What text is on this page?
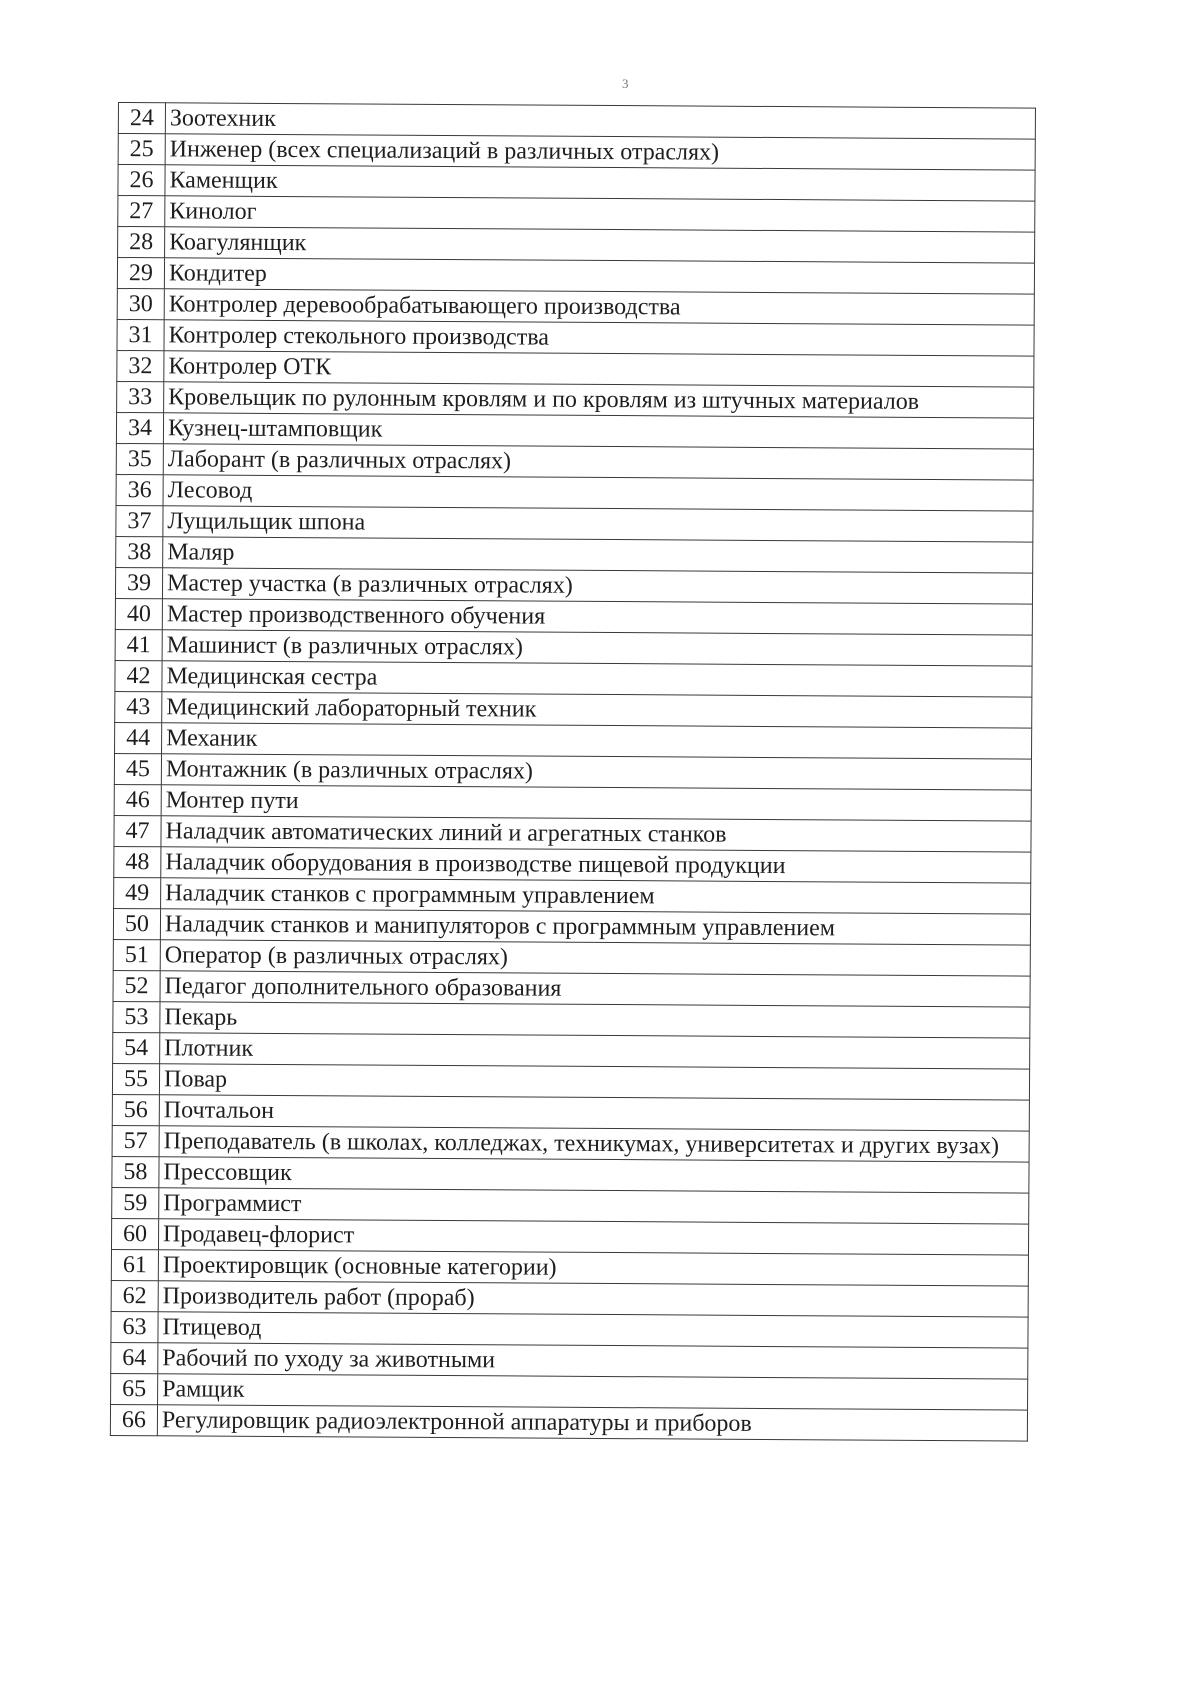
3
24	Зоотехник
25	Инженер (всех специализаций в различных отраслях)
26	Каменщик
27	Кинолог
28	Коагулянщик
29	Кондитер
30	Контролер деревообрабатывающего производства
31	Контролер стекольного производства
32	Контролер ОТК
33	Кровельщик по рулонным кровлям и по кровлям из штучных материалов
34	Кузнец-штамповщик
35	Лаборант (в различных отраслях)
36	Лесовод
37	Лущильщик шпона
38	Маляр
39	Мастер участка (в различных отраслях)
40	Мастер производственного обучения
41	Машинист (в различных отраслях)
42	Медицинская сестра
43	Медицинский лабораторный техник
44	Механик
45	Монтажник (в различных отраслях)
46	Монтер пути
47	Наладчик автоматических линий и агрегатных станков
48	Наладчик оборудования в производстве пищевой продукции
49	Наладчик станков с программным управлением
50	Наладчик станков и манипуляторов с программным управлением
51	Оператор (в различных отраслях)
52	Педагог дополнительного образования
53	Пекарь
54	Плотник
55	Повар
56	Почтальон
57	Преподаватель (в школах, колледжах, техникумах, университетах и других вузах)
58	Прессовщик
59	Программист
60	Продавец-флорист
61	Проектировщик (основные категории)
62	Производитель работ (прораб)
63	Птицевод
64	Рабочий по уходу за животными
65	Рамщик
66	Регулировщик радиоэлектронной аппаратуры и приборов
